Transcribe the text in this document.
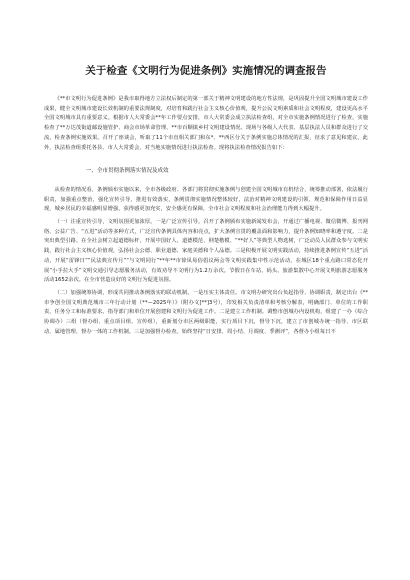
关于检查《文明行为促进条例》实施情况的调查报告

《**市文明行为促进条例》是我市取得地方立法权后制定的第一部关于精神文明建设的地方性法规，是巩固提升全国文明城市建设工作成果，健全文明城市建设长效机制的重要法规制度，对培育和践行社会主义核心价值观，提升公民文明素质和社会文明程度，建设更高水平全国文明城市具有重要意义。根据市人大常委会**年工作要点安排，市人大常委会成立执法检查组，对全市实施条例情况进行了检查。实施检查了**万达茂街道邮设施管护、商会市场革命管理、**市百顺镇乡村文明建设情况、现场与各级人大代表、基层执法人员和群众进行了交流，检查条例实施效果。召开了座谈会，听取了11个市直相关部门和东*、**西区分关于条例实施总体情况的汇报，征求了意见和建议。此外，执法检查组委托各县、市人大常委会，对当地实施情况进行执法检查。现将执法检查情况报告如下：

一、全市贯彻条例落实情况及成效

从检查的情况看，条例颁布实施以来，全市各级政府、各部门将贯彻实施条例与创建全国文明城市有机结合，统筹推动部署，依法履行职责，加强重点整治，强化宣传引导，推进有效落实，条例贯彻实施情况整体较好，法治对精神文明建设的引领、规范和保障作用日益显现，城乡居民的幸福感明显增强，获得感更加充实，安全感更有保障，全市社会文明程度和社会治理能力得到大幅提升。

（一）注重宣传引导，文明氛围更加浓厚。一是广泛宣传引导。召开了条例颁布实施新闻发布会，开通过广播电视、微信微博、报刊网络、公益广告、“五进”活动等多种方式，广泛宣传条例具体内容和亮点，扩大条例宣贯的覆盖面和影响力，提升条例知晓率和遵守度。二是突出典型引路。在全社会树立起道德标杆，开展中国好人、道德模范、荆楚楷模、“**好人”等典型人物选树，广泛动员人民群众参与文明实践，践行社会主义核心价值观，弘扬社会公德、职业道德、家庭美德和个人品德。三是积极开展文明实践活动，持续推进条例宣传“五进”活动，开展“雷锋日”“民法典宣传月”“与文明同行”**年**市徐凤易俗倡议两会等文明实践集中性示范活动，在城区18个重点路口常态化开展“小手拉大手”文明交通引导志愿服务活动，有效劝导不文明行为1.2万余次。节假日在车站、码头、旅游集散中心开展文明旅游志愿服务活动1652余次。在全市营造良好的文明行为促进氛围。

（二）加强统筹协调，形成共同推动条例落实的联动机制。一是压实主体责任。市文明办研究出台负起指导、协调职责，制定出台《**市争创全国文明典范城市三年行动计划（**—2025年）》（附办文[**]3号），印发相关负责清单和考核分解表，明确部门、单位的工作职责、任务分工和标准要求。指导部门和单位开展创建和文明行为促进工作。二是建立工作机制。调整市创城办内设机构，组建了一办（综合协调办）三组（督办组、重点项目组、宣传组），重新划分市区两级职能，实行项目下沉，督导下沉，建立了市创城办统一指导、市区联动、属地管理、督办一体的工作机制。三是加强督办检查。始终坚持“日安排、周小结、月调度、季测评”，各督办小组每日不
